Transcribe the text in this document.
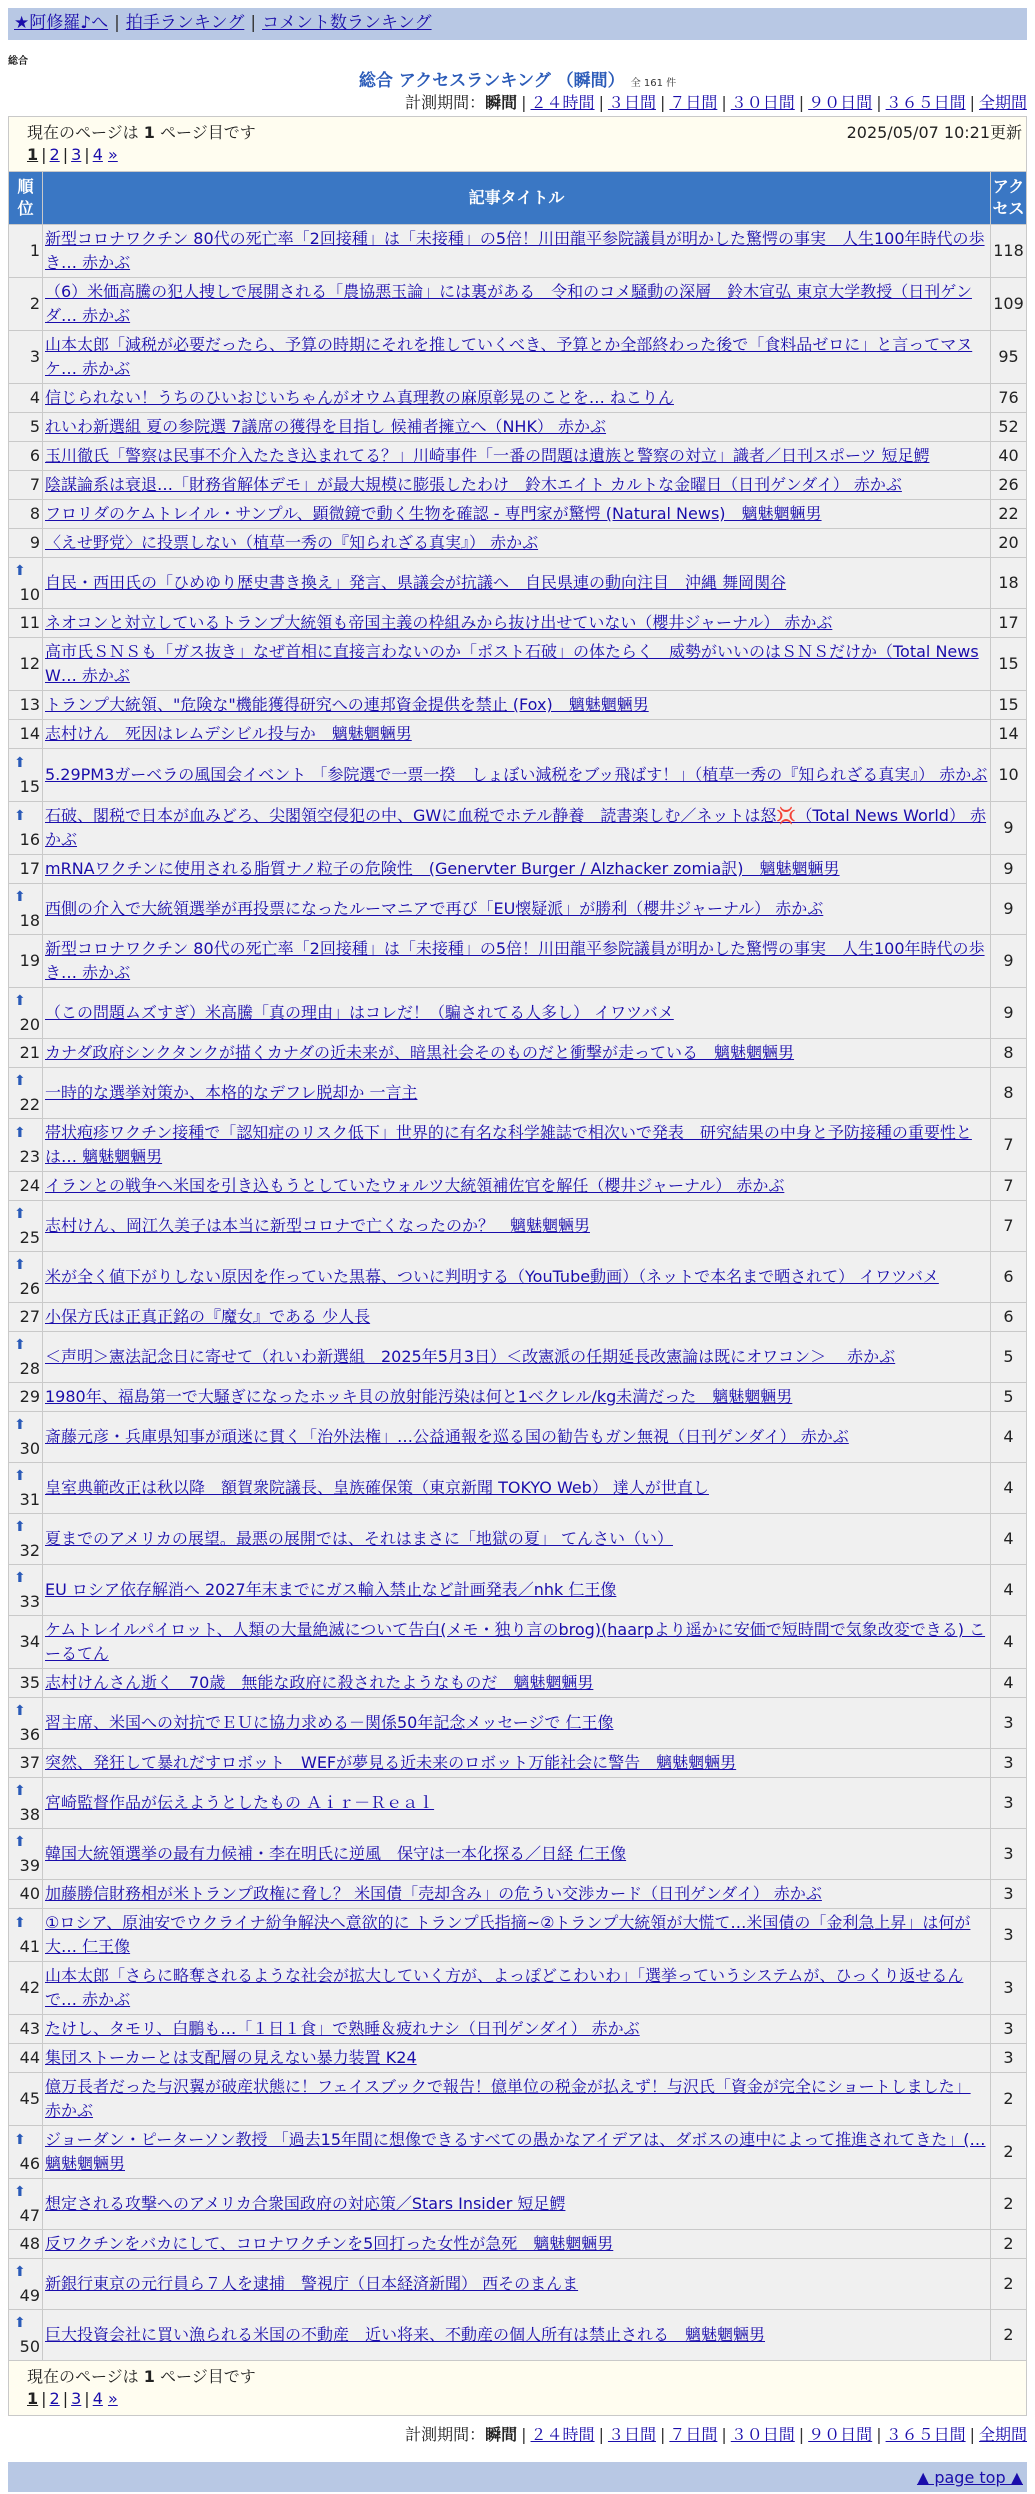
★阿修羅♪へ | 拍手ランキング | コメント数ランキング
総合
総合 アクセスランキング （瞬間） 全 161 件
計測期間：瞬間 | ２４時間 | ３日間 | ７日間 | ３０日間 | ９０日間 | ３６５日間 | 全期間
現在のページは 1 ページ目です	2025/05/07 10:21更新
1 | 2 | 3 | 4 »
順位	記事タイトル	アクセス
1	新型コロナワクチン 80代の死亡率「2回接種」は「未接種」の5倍！川田龍平参院議員が明かした驚愕の事実　人生100年時代の歩き… 赤かぶ	118
2	（6）米価高騰の犯人捜しで展開される「農協悪玉論」には裏がある　令和のコメ騒動の深層　鈴木宣弘 東京大学教授（日刊ゲンダ… 赤かぶ	109
3	山本太郎「減税が必要だったら、予算の時期にそれを推していくべき、予算とか全部終わった後で「食料品ゼロに」と言ってマヌケ… 赤かぶ	95
4	信じられない！うちのひいおじいちゃんがオウム真理教の麻原彰晃のことを… ねこりん	76
5	れいわ新選組 夏の参院選 7議席の獲得を目指し 候補者擁立へ（NHK） 赤かぶ	52
6	玉川徹氏「警察は民事不介入たたき込まれてる？」川崎事件「一番の問題は遺族と警察の対立」識者／日刊スポーツ 短足鰐	40
7	陰謀論系は衰退…「財務省解体デモ」が最大規模に膨張したわけ　鈴木エイト カルトな金曜日（日刊ゲンダイ） 赤かぶ	26
8	フロリダのケムトレイル・サンプル、顕微鏡で動く生物を確認 - 専門家が驚愕 (Natural News)　魑魅魍魎男	22
9	〈えせ野党〉に投票しない（植草一秀の『知られざる真実』） 赤かぶ	20

⬆
10	自民・西田氏の「ひめゆり歴史書き換え」発言、県議会が抗議へ　自民県連の動向注目　沖縄 舞岡関谷	18
11	ネオコンと対立しているトランプ大統領も帝国主義の枠組みから抜け出せていない（櫻井ジャーナル） 赤かぶ	17
12	高市氏ＳＮＳも「ガス抜き」なぜ首相に直接言わないのか「ポスト石破」の体たらく　威勢がいいのはＳＮＳだけか（Total News W… 赤かぶ	15
13	トランプ大統領、"危険な"機能獲得研究への連邦資金提供を禁止 (Fox)　魑魅魍魎男	15
14	志村けん　死因はレムデシビル投与か　魑魅魍魎男	14

⬆
15	5.29PM3ガーベラの風国会イベント 「参院選で一票一揆　しょぼい減税をブッ飛ばす！」（植草一秀の『知られざる真実』） 赤かぶ	10

⬆
16	石破、閣税で日本が血みどろ、尖閣領空侵犯の中、GWに血税でホテル静養　読書楽しむ／ネットは怒💢（Total News World） 赤かぶ	9
17	mRNAワクチンに使用される脂質ナノ粒子の危険性　(Genervter Burger / Alzhacker zomia訳)　魑魅魍魎男	9

⬆
18	西側の介入で大統領選挙が再投票になったルーマニアで再び「EU懐疑派」が勝利（櫻井ジャーナル） 赤かぶ	9
19	新型コロナワクチン 80代の死亡率「2回接種」は「未接種」の5倍！川田龍平参院議員が明かした驚愕の事実　人生100年時代の歩き… 赤かぶ	9

⬆
20	（この問題ムズすぎ）米高騰「真の理由」はコレだ！（騙されてる人多し） イワツバメ	9
21	カナダ政府シンクタンクが描くカナダの近未来が、暗黒社会そのものだと衝撃が走っている　魑魅魍魎男	8

⬆
22	一時的な選挙対策か、本格的なデフレ脱却か 一言主	8

⬆
23	帯状疱疹ワクチン接種で「認知症のリスク低下」世界的に有名な科学雑誌で相次いで発表　研究結果の中身と予防接種の重要性とは… 魑魅魍魎男	7
24	イランとの戦争へ米国を引き込もうとしていたウォルツ大統領補佐官を解任（櫻井ジャーナル） 赤かぶ	7

⬆
25	志村けん、岡江久美子は本当に新型コロナで亡くなったのか？　魑魅魍魎男	7

⬆
26	米が全く値下がりしない原因を作っていた黒幕、ついに判明する（YouTube動画）（ネットで本名まで晒されて） イワツバメ	6
27	小保方氏は正真正銘の『魔女』である 少人長	6

⬆
28	＜声明＞憲法記念日に寄せて（れいわ新選組　2025年5月3日）＜改憲派の任期延長改憲論は既にオワコン＞　 赤かぶ	5
29	1980年、福島第一で大騒ぎになったホッキ貝の放射能汚染は何と1ベクレル/kg未満だった　魑魅魍魎男	5

⬆
30	斎藤元彦・兵庫県知事が頑迷に貫く「治外法権」…公益通報を巡る国の勧告もガン無視（日刊ゲンダイ） 赤かぶ	4

⬆
31	皇室典範改正は秋以降　額賀衆院議長、皇族確保策（東京新聞 TOKYO Web） 達人が世直し	4

⬆
32	夏までのアメリカの展望。最悪の展開では、それはまさに「地獄の夏」 てんさい（い）	4

⬆
33	EU ロシア依存解消へ 2027年末までにガス輸入禁止など計画発表／nhk 仁王像	4
34	ケムトレイルパイロット、人類の大量絶滅について告白(メモ・独り言のbrog)(haarpより遥かに安価で短時間で気象改変できる) こーるてん	4
35	志村けんさん逝く　70歳　無能な政府に殺されたようなものだ　魑魅魍魎男	4

⬆
36	習主席、米国への対抗でＥＵに協力求める－関係50年記念メッセージで 仁王像	3
37	突然、発狂して暴れだすロボット　WEFが夢見る近未来のロボット万能社会に警告　魑魅魍魎男	3

⬆
38	宮崎監督作品が伝えようとしたもの Ａｉｒ－Ｒｅａｌ	3

⬆
39	韓国大統領選挙の最有力候補・李在明氏に逆風　保守は一本化探る／日経 仁王像	3
40	加藤勝信財務相が米トランプ政権に脅し？ 米国債「売却含み」の危うい交渉カード（日刊ゲンダイ） 赤かぶ	3

⬆
41	①ロシア、原油安でウクライナ紛争解決へ意欲的に トランプ氏指摘~②トランプ大統領が大慌て…米国債の「金利急上昇」は何が大… 仁王像	3
42	山本太郎「さらに略奪されるような社会が拡大していく方が、よっぽどこわいわ」「選挙っていうシステムが、ひっくり返せるんで… 赤かぶ	3
43	たけし、タモリ、白鵬も…「１日１食」で熟睡＆疲れナシ（日刊ゲンダイ） 赤かぶ	3
44	集団ストーカーとは支配層の見えない暴力装置 K24	3
45	億万長者だった与沢翼が破産状態に！フェイスブックで報告！億単位の税金が払えず！与沢氏「資金が完全にショートしました」 赤かぶ	2

⬆
46	ジョーダン・ピーターソン教授 「過去15年間に想像できるすべての愚かなアイデアは、ダボスの連中によって推進されてきた」(… 魑魅魍魎男	2

⬆
47	想定される攻撃へのアメリカ合衆国政府の対応策／Stars Insider 短足鰐	2
48	反ワクチンをバカにして、コロナワクチンを5回打った女性が急死　魑魅魍魎男	2

⬆
49	新銀行東京の元行員ら７人を逮捕　警視庁（日本経済新聞） 西そのまんま	2

⬆
50	巨大投資会社に買い漁られる米国の不動産　近い将来、不動産の個人所有は禁止される　魑魅魍魎男	2
現在のページは 1 ページ目です
1 | 2 | 3 | 4 »
計測期間：瞬間 | ２４時間 | ３日間 | ７日間 | ３０日間 | ９０日間 | ３６５日間 | 全期間
▲ page top ▲
